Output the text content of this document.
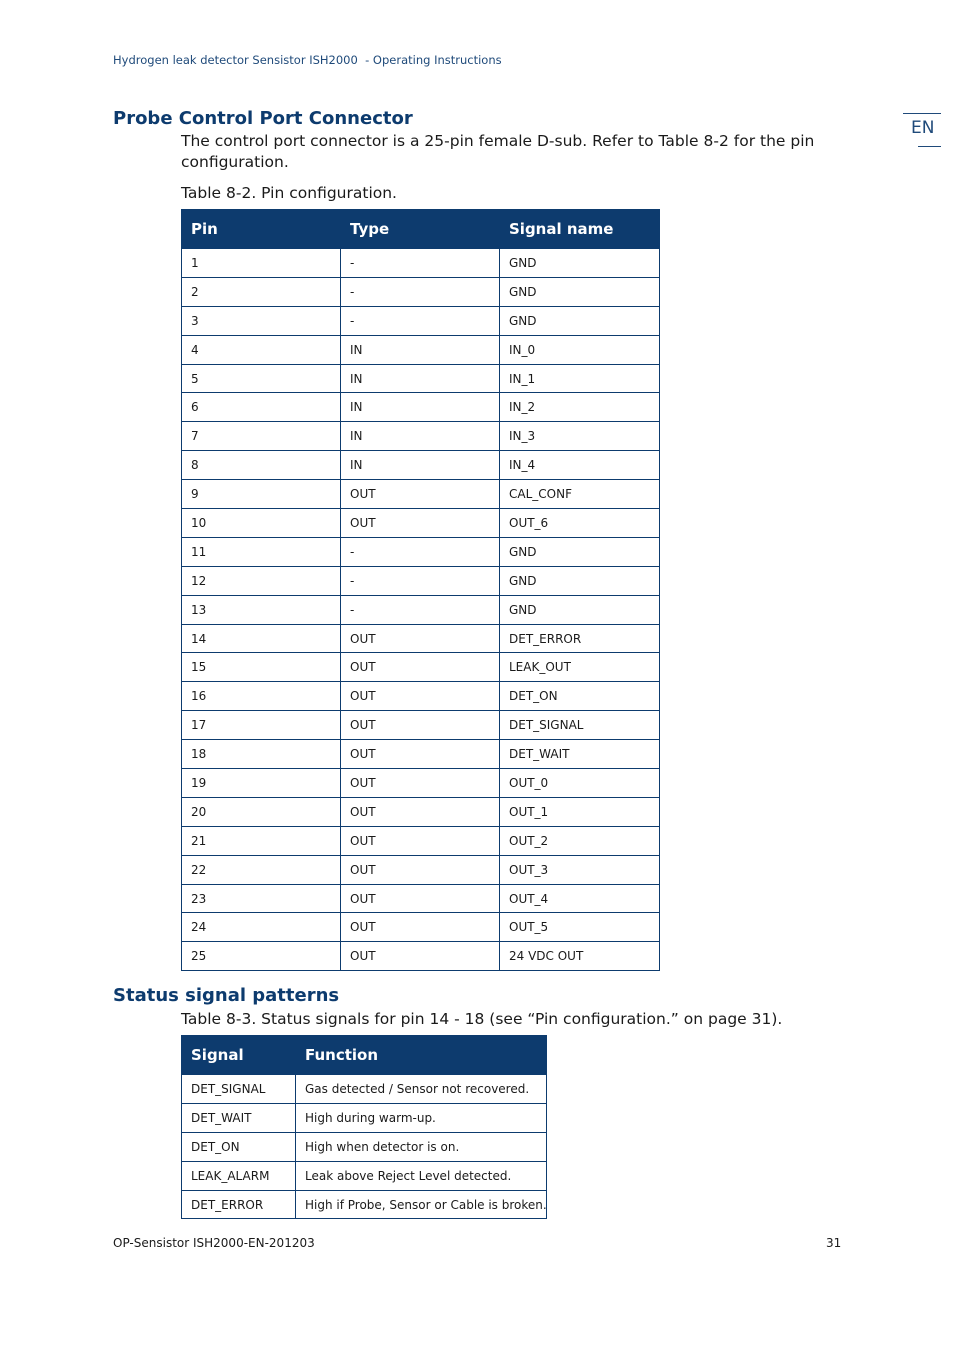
Hydrogen leak detector Sensistor ISH2000  - Operating Instructions
EN
Probe Control Port Connector
The control port connector is a 25-pin female D-sub. Refer to Table 8-2 for the pin configuration.
Table 8-2. Pin configuration.
Pin	Type	Signal name
1	-	GND
2	-	GND
3	-	GND
4	IN	IN_0
5	IN	IN_1
6	IN	IN_2
7	IN	IN_3
8	IN	IN_4
9	OUT	CAL_CONF
10	OUT	OUT_6
11	-	GND
12	-	GND
13	-	GND
14	OUT	DET_ERROR
15	OUT	LEAK_OUT
16	OUT	DET_ON
17	OUT	DET_SIGNAL
18	OUT	DET_WAIT
19	OUT	OUT_0
20	OUT	OUT_1
21	OUT	OUT_2
22	OUT	OUT_3
23	OUT	OUT_4
24	OUT	OUT_5
25	OUT	24 VDC OUT
Status signal patterns
Table 8-3. Status signals for pin 14 - 18 (see “Pin configuration.” on page 31).
Signal	Function
DET_SIGNAL	Gas detected / Sensor not recovered.
DET_WAIT	High during warm-up.
DET_ON	High when detector is on.
LEAK_ALARM	Leak above Reject Level detected.
DET_ERROR	High if Probe, Sensor or Cable is broken.
OP-Sensistor ISH2000-EN-201203	31
